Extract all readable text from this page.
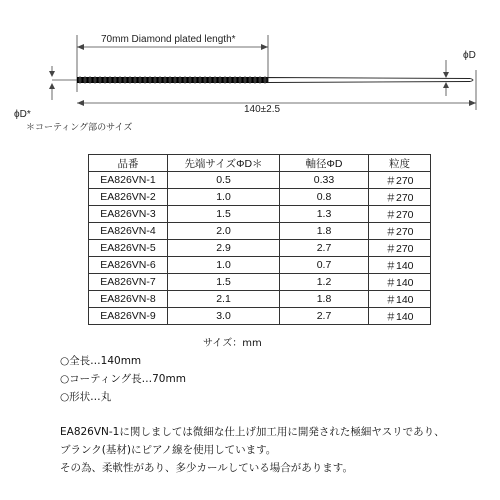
70mm Diamond plated length*
140±2.5
ϕD
ϕD*
＊コーティング部のサイズ
品番	先端サイズΦD＊	軸径ΦD	粒度
EA826VN-1	0.5	0.33	＃270
EA826VN-2	1.0	0.8	＃270
EA826VN-3	1.5	1.3	＃270
EA826VN-4	2.0	1.8	＃270
EA826VN-5	2.9	2.7	＃270
EA826VN-6	1.0	0.7	＃140
EA826VN-7	1.5	1.2	＃140
EA826VN-8	2.1	1.8	＃140
EA826VN-9	3.0	2.7	＃140
サイズ：mm
○全長…140mm
○コーティング長…70mm
○形状…丸
EA826VN-1に関しましては微細な仕上げ加工用に開発された極細ヤスリであり、
ブランク(基材)にピアノ線を使用しています。
その為、柔軟性があり、多少カールしている場合があります。
